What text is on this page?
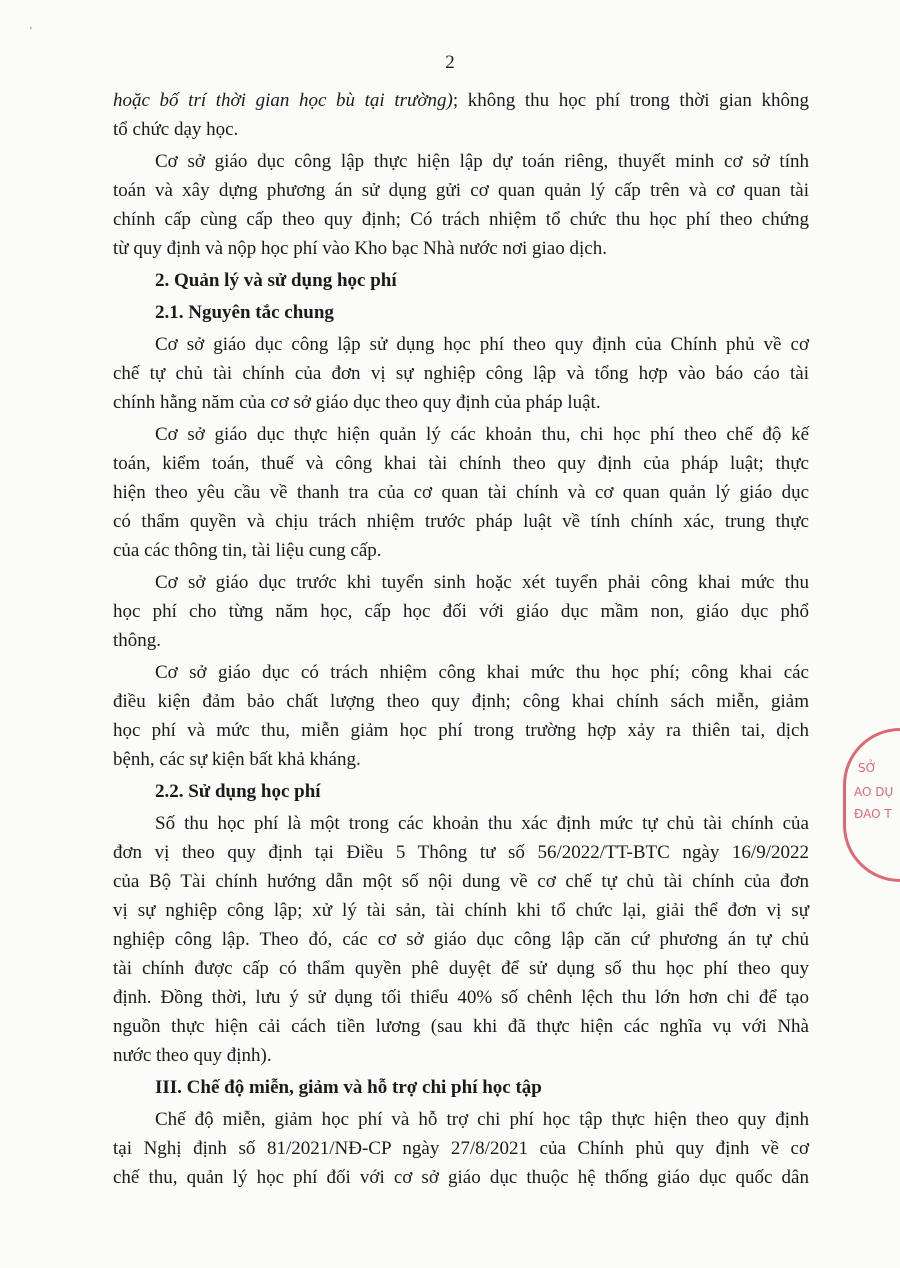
'
2
hoặc bố trí thời gian học bù tại trường); không thu học phí trong thời gian không
tổ chức dạy học.
Cơ sở giáo dục công lập thực hiện lập dự toán riêng, thuyết minh cơ sở tính
toán và xây dựng phương án sử dụng gửi cơ quan quản lý cấp trên và cơ quan tài
chính cấp cùng cấp theo quy định; Có trách nhiệm tổ chức thu học phí theo chứng
từ quy định và nộp học phí vào Kho bạc Nhà nước nơi giao dịch.
2. Quản lý và sử dụng học phí
2.1. Nguyên tắc chung
Cơ sở giáo dục công lập sử dụng học phí theo quy định của Chính phủ về cơ
chế tự chủ tài chính của đơn vị sự nghiệp công lập và tổng hợp vào báo cáo tài
chính hằng năm của cơ sở giáo dục theo quy định của pháp luật.
Cơ sở giáo dục thực hiện quản lý các khoản thu, chi học phí theo chế độ kế
toán, kiểm toán, thuế và công khai tài chính theo quy định của pháp luật; thực
hiện theo yêu cầu về thanh tra của cơ quan tài chính và cơ quan quản lý giáo dục
có thẩm quyền và chịu trách nhiệm trước pháp luật về tính chính xác, trung thực
của các thông tin, tài liệu cung cấp.
Cơ sở giáo dục trước khi tuyển sinh hoặc xét tuyển phải công khai mức thu
học phí cho từng năm học, cấp học đối với giáo dục mầm non, giáo dục phổ
thông.
Cơ sở giáo dục có trách nhiệm công khai mức thu học phí; công khai các
điều kiện đảm bảo chất lượng theo quy định; công khai chính sách miễn, giảm
học phí và mức thu, miễn giảm học phí trong trường hợp xảy ra thiên tai, dịch
bệnh, các sự kiện bất khả kháng.
2.2. Sử dụng học phí
Số thu học phí là một trong các khoản thu xác định mức tự chủ tài chính của
đơn vị theo quy định tại Điều 5 Thông tư số 56/2022/TT-BTC ngày 16/9/2022
của Bộ Tài chính hướng dẫn một số nội dung về cơ chế tự chủ tài chính của đơn
vị sự nghiệp công lập; xử lý tài sản, tài chính khi tổ chức lại, giải thể đơn vị sự
nghiệp công lập. Theo đó, các cơ sở giáo dục công lập căn cứ phương án tự chủ
tài chính được cấp có thẩm quyền phê duyệt để sử dụng số thu học phí theo quy
định. Đồng thời, lưu ý sử dụng tối thiểu 40% số chênh lệch thu lớn hơn chi để tạo
nguồn thực hiện cải cách tiền lương (sau khi đã thực hiện các nghĩa vụ với Nhà
nước theo quy định).
III. Chế độ miễn, giảm và hỗ trợ chi phí học tập
Chế độ miễn, giảm học phí và hỗ trợ chi phí học tập thực hiện theo quy định
tại Nghị định số 81/2021/NĐ-CP ngày 27/8/2021 của Chính phủ quy định về cơ
chế thu, quản lý học phí đối với cơ sở giáo dục thuộc hệ thống giáo dục quốc dân
SỞ
AO DỤ
ĐAO T
